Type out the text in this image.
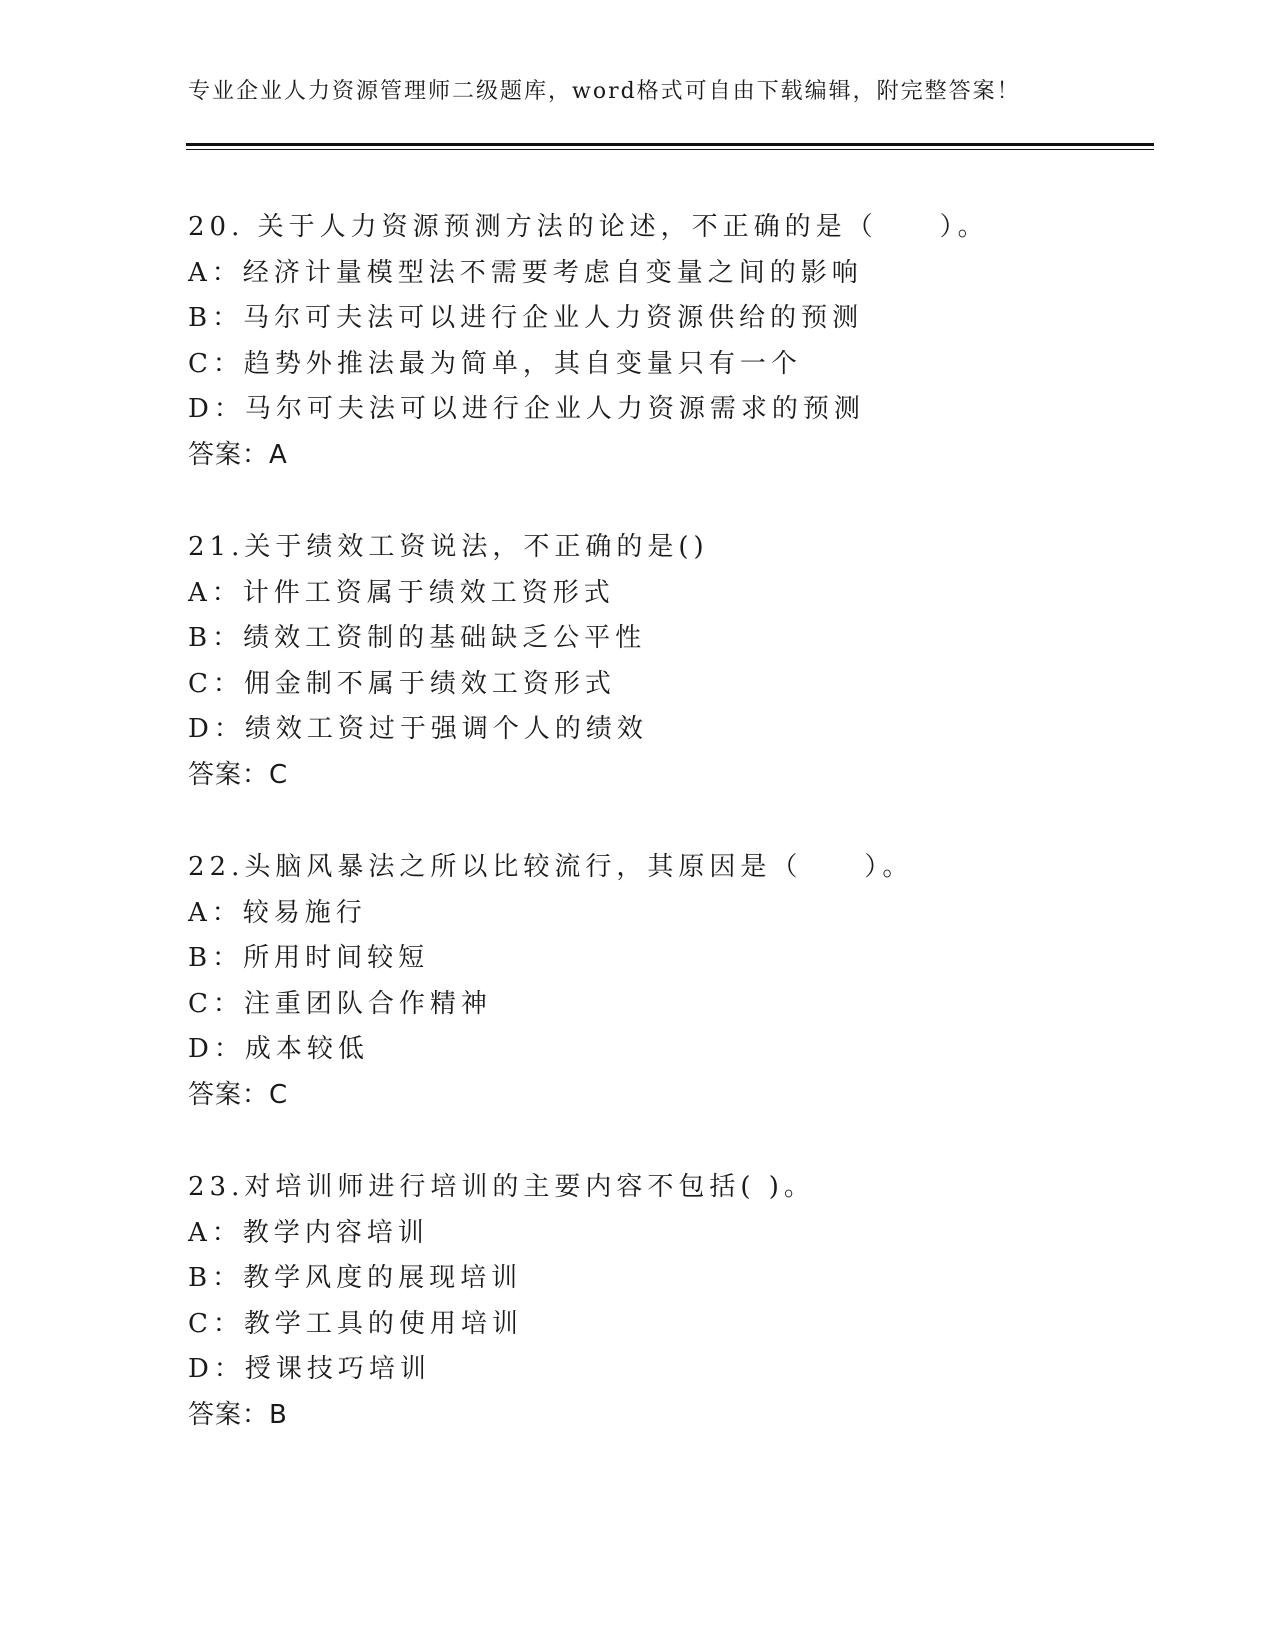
专业企业人力资源管理师二级题库，word格式可自由下载编辑，附完整答案！
20. 关于人力资源预测方法的论述，不正确的是（　　）。
A：经济计量模型法不需要考虑自变量之间的影响
B：马尔可夫法可以进行企业人力资源供给的预测
C：趋势外推法最为简单，其自变量只有一个
D：马尔可夫法可以进行企业人力资源需求的预测
答案：A
21.关于绩效工资说法，不正确的是()
A：计件工资属于绩效工资形式
B：绩效工资制的基础缺乏公平性
C：佣金制不属于绩效工资形式
D：绩效工资过于强调个人的绩效
答案：C
22.头脑风暴法之所以比较流行，其原因是（　　）。
A：较易施行
B：所用时间较短
C：注重团队合作精神
D：成本较低
答案：C
23.对培训师进行培训的主要内容不包括( )。
A：教学内容培训
B：教学风度的展现培训
C：教学工具的使用培训
D：授课技巧培训
答案：B
